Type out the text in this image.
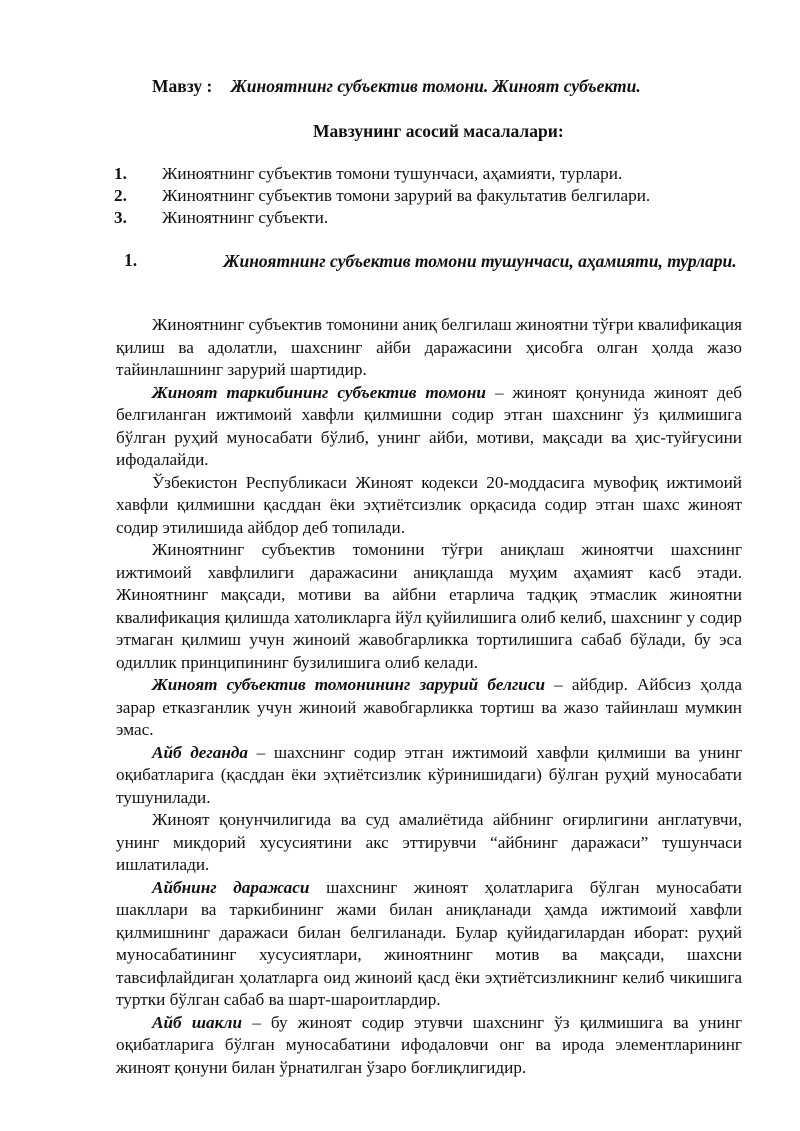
Мавзу : Жиноятнинг субъектив томони. Жиноят субъекти.
Мавзунинг асосий масалалари:
1.	Жиноятнинг субъектив томони тушунчаси, аҳамияти, турлари.
2.	Жиноятнинг субъектив томони зарурий ва факультатив белгилари.
3.	Жиноятнинг субъекти.
1.	Жиноятнинг субъектив томони тушунчаси, аҳамияти, турлари.

Жиноятнинг субъектив томонини аниқ белгилаш жиноятни тўғри квалификация қилиш ва адолатли, шахснинг айби даражасини ҳисобга олган ҳолда жазо тайинлашнинг зарурий шартидир.

Жиноят таркибининг субъектив томони – жиноят қонунида жиноят деб белгиланган ижтимоий хавфли қилмишни содир этган шахснинг ўз қилмишига бўлган руҳий муносабати бўлиб, унинг айби, мотиви, мақсади ва ҳис-туйғусини ифодалайди.

Ўзбекистон Республикаси Жиноят кодекси 20-моддасига мувофиқ ижтимоий хавфли қилмишни қасддан ёки эҳтиётсизлик орқасида содир этган шахс жиноят содир этилишида айбдор деб топилади.

Жиноятнинг субъектив томонини тўғри аниқлаш жиноятчи шахснинг ижтимоий хавфлилиги даражасини аниқлашда муҳим аҳамият касб этади. Жиноятнинг мақсади, мотиви ва айбни етарлича тадқиқ этмаслик жиноятни квалификация қилишда хатоликларга йўл қуйилишига олиб келиб, шахснинг у содир этмаган қилмиш учун жиноий жавобгарликка тортилишига сабаб бўлади, бу эса одиллик принципининг бузилишига олиб келади.

Жиноят субъектив томонининг зарурий белгиси – айбдир. Айбсиз ҳолда зарар етказганлик учун жиноий жавобгарликка тортиш ва жазо тайинлаш мумкин эмас.

Айб деганда – шахснинг содир этган ижтимоий хавфли қилмиши ва унинг оқибатларига (қасддан ёки эҳтиётсизлик кўринишидаги) бўлган руҳий муносабати тушунилади.

Жиноят қонунчилигида ва суд амалиётида айбнинг оғирлигини англатувчи, унинг микдорий хусусиятини акс эттирувчи “айбнинг даражаси” тушунчаси ишлатилади.

Айбнинг даражаси шахснинг жиноят ҳолатларига бўлган муносабати шакллари ва таркибининг жами билан аниқланади ҳамда ижтимоий хавфли қилмишнинг даражаси билан белгиланади. Булар қуйидагилардан иборат: руҳий муносабатининг хусусиятлари, жиноятнинг мотив ва мақсади, шахсни тавсифлайдиган ҳолатларга оид жиноий қасд ёки эҳтиётсизликнинг келиб чикишига туртки бўлган сабаб ва шарт-шароитлардир.

Айб шакли – бу жиноят содир этувчи шахснинг ўз қилмишига ва унинг оқибатларига бўлган муносабатини ифодаловчи онг ва ирода элементларининг жиноят қонуни билан ўрнатилган ўзаро боғлиқлигидир.
